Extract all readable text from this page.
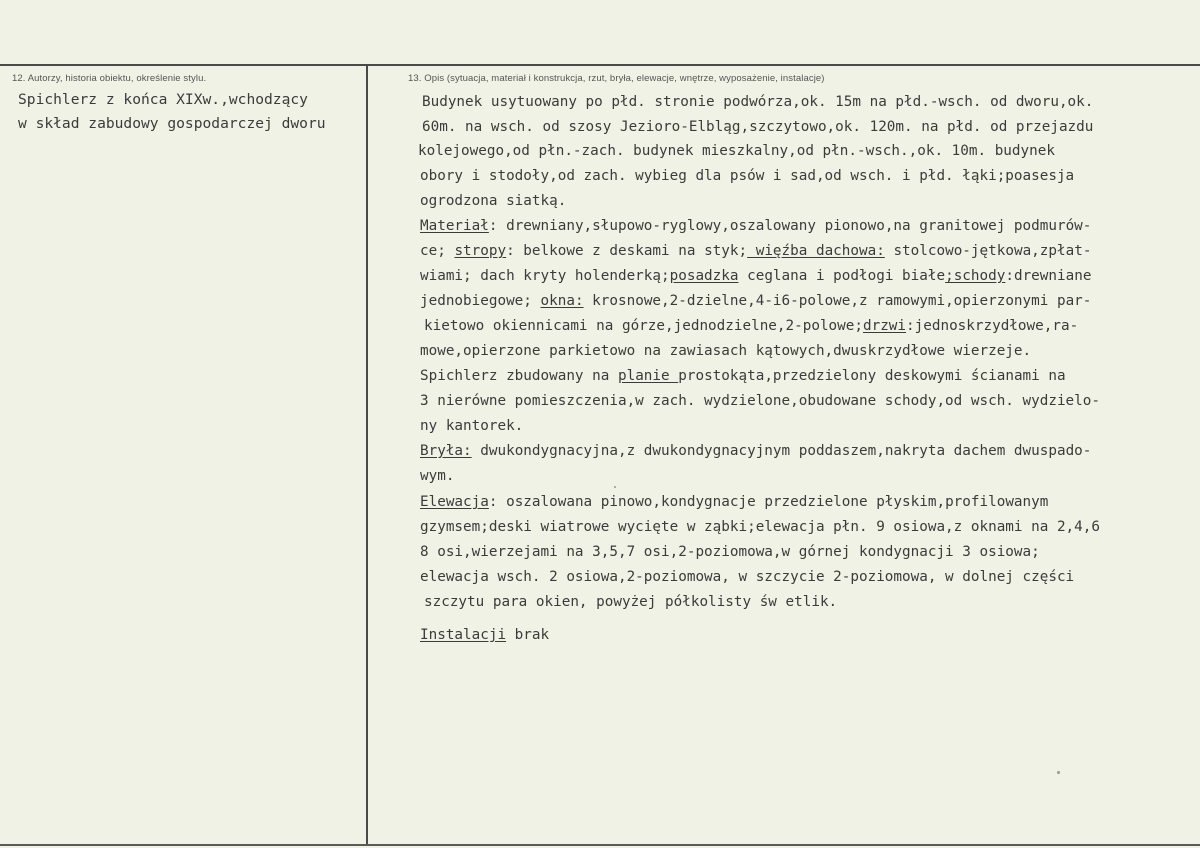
12. Autorzy, historia obiektu, określenie stylu.	13. Opis (sytuacja, materiał i konstrukcja, rzut, bryła, elewacje, wnętrze, wyposażenie, instalacje)
Spichlerz z końca XIXw.,wchodzący
w skład zabudowy gospodarczej dworu
Budynek usytuowany po płd. stronie podwórza,ok. 15m na płd.-wsch. od dworu,ok.
60m. na wsch. od szosy Jezioro-Elbląg,szczytowo,ok. 120m. na płd. od przejazdu
kolejowego,od płn.-zach. budynek mieszkalny,od płn.-wsch.,ok. 10m. budynek
obory i stodoły,od zach. wybieg dla psów i sad,od wsch. i płd. łąki;poasesja
ogrodzona siatką.
Materiał: drewniany,słupowo-ryglowy,oszalowany pionowo,na granitowej podmurów-
ce; stropy: belkowe z deskami na styk; więźba dachowa: stolcowo-jętkowa,zpłat-
wiami; dach kryty holenderką;posadzka ceglana i podłogi białe;schody:drewniane
jednobiegowe; okna: krosnowe,2-dzielne,4-i6-polowe,z ramowymi,opierzonymi par-
kietowo okiennicami na górze,jednodzielne,2-polowe;drzwi:jednoskrzydłowe,ra-
mowe,opierzone parkietowo na zawiasach kątowych,dwuskrzydłowe wierzeje.
Spichlerz zbudowany na planie prostokąta,przedzielony deskowymi ścianami na
3 nierówne pomieszczenia,w zach. wydzielone,obudowane schody,od wsch. wydzielo-
ny kantorek.
Bryła: dwukondygnacyjna,z dwukondygnacyjnym poddaszem,nakryta dachem dwuspado-
wym.
Elewacja: oszalowana pinowo,kondygnacje przedzielone płyskim,profilowanym
gzymsem;deski wiatrowe wycięte w ząbki;elewacja płn. 9 osiowa,z oknami na 2,4,6
8 osi,wierzejami na 3,5,7 osi,2-poziomowa,w górnej kondygnacji 3 osiowa;
elewacja wsch. 2 osiowa,2-poziomowa, w szczycie 2-poziomowa, w dolnej części
szczytu para okien, powyżej półkolisty św etlik.
Instalacji brak
